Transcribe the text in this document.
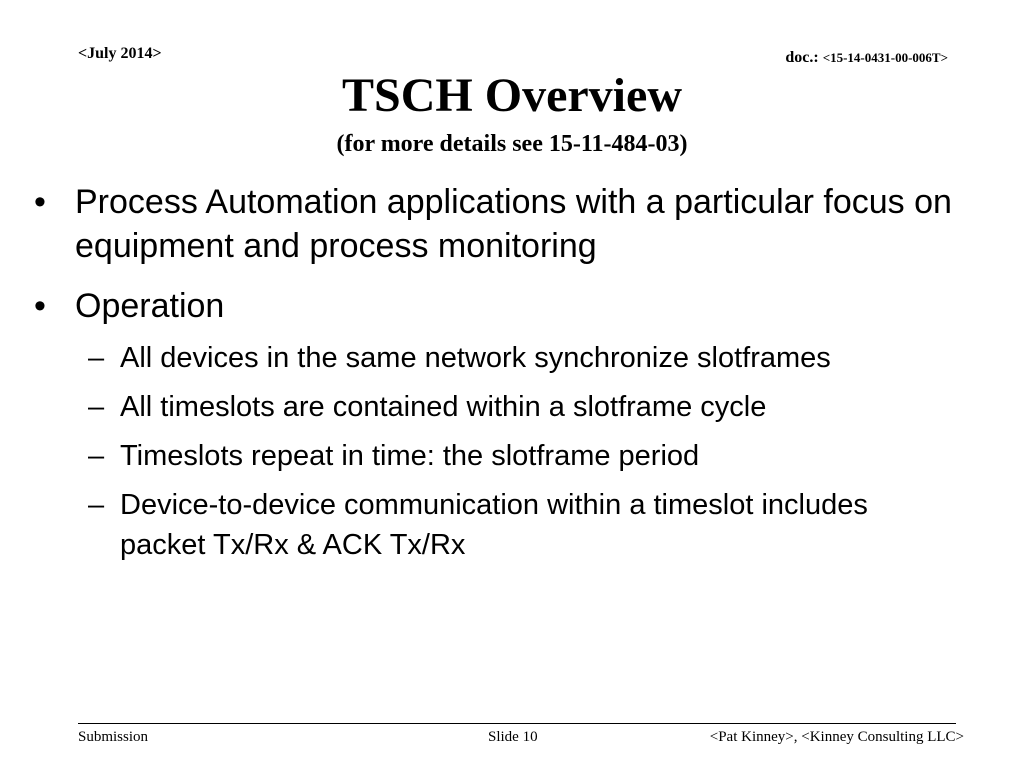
<July 2014>	doc.: <15-14-0431-00-006T>
TSCH Overview
(for more details see 15-11-484-03)
• Process Automation applications with a particular focus on equipment and process monitoring
• Operation
– All devices in the same network synchronize slotframes
– All timeslots are contained within a slotframe cycle
– Timeslots repeat in time: the slotframe period
– Device-to-device communication within a timeslot includes packet Tx/Rx & ACK Tx/Rx
Submission	Slide 10	<Pat Kinney>, <Kinney Consulting LLC>
